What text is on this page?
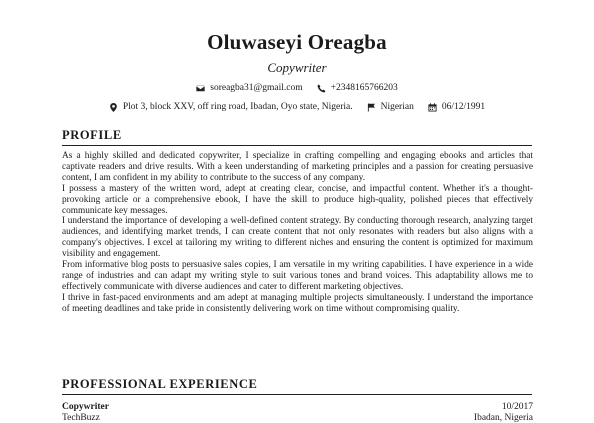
Oluwaseyi Oreagba
Copywriter
soreagba31@gmail.com	+2348165766203
Plot 3, block XXV, off ring road, Ibadan, Oyo state, Nigeria.	Nigerian	06/12/1991
PROFILE

As a highly skilled and dedicated copywriter, I specialize in crafting compelling and engaging ebooks and articles that captivate readers and drive results. With a keen understanding of marketing principles and a passion for creating persuasive content, I am confident in my ability to contribute to the success of any company.

I possess a mastery of the written word, adept at creating clear, concise, and impactful content. Whether it's a thought-provoking article or a comprehensive ebook, I have the skill to produce high-quality, polished pieces that effectively communicate key messages.

I understand the importance of developing a well-defined content strategy. By conducting thorough research, analyzing target audiences, and identifying market trends, I can create content that not only resonates with readers but also aligns with a company's objectives. I excel at tailoring my writing to different niches and ensuring the content is optimized for maximum visibility and engagement.

From informative blog posts to persuasive sales copies, I am versatile in my writing capabilities. I have experience in a wide range of industries and can adapt my writing style to suit various tones and brand voices. This adaptability allows me to effectively communicate with diverse audiences and cater to different marketing objectives.

I thrive in fast-paced environments and am adept at managing multiple projects simultaneously. I understand the importance of meeting deadlines and take pride in consistently delivering work on time without compromising quality.

PROFESSIONAL EXPERIENCE
Copywriter	10/2017
TechBuzz	Ibadan, Nigeria
